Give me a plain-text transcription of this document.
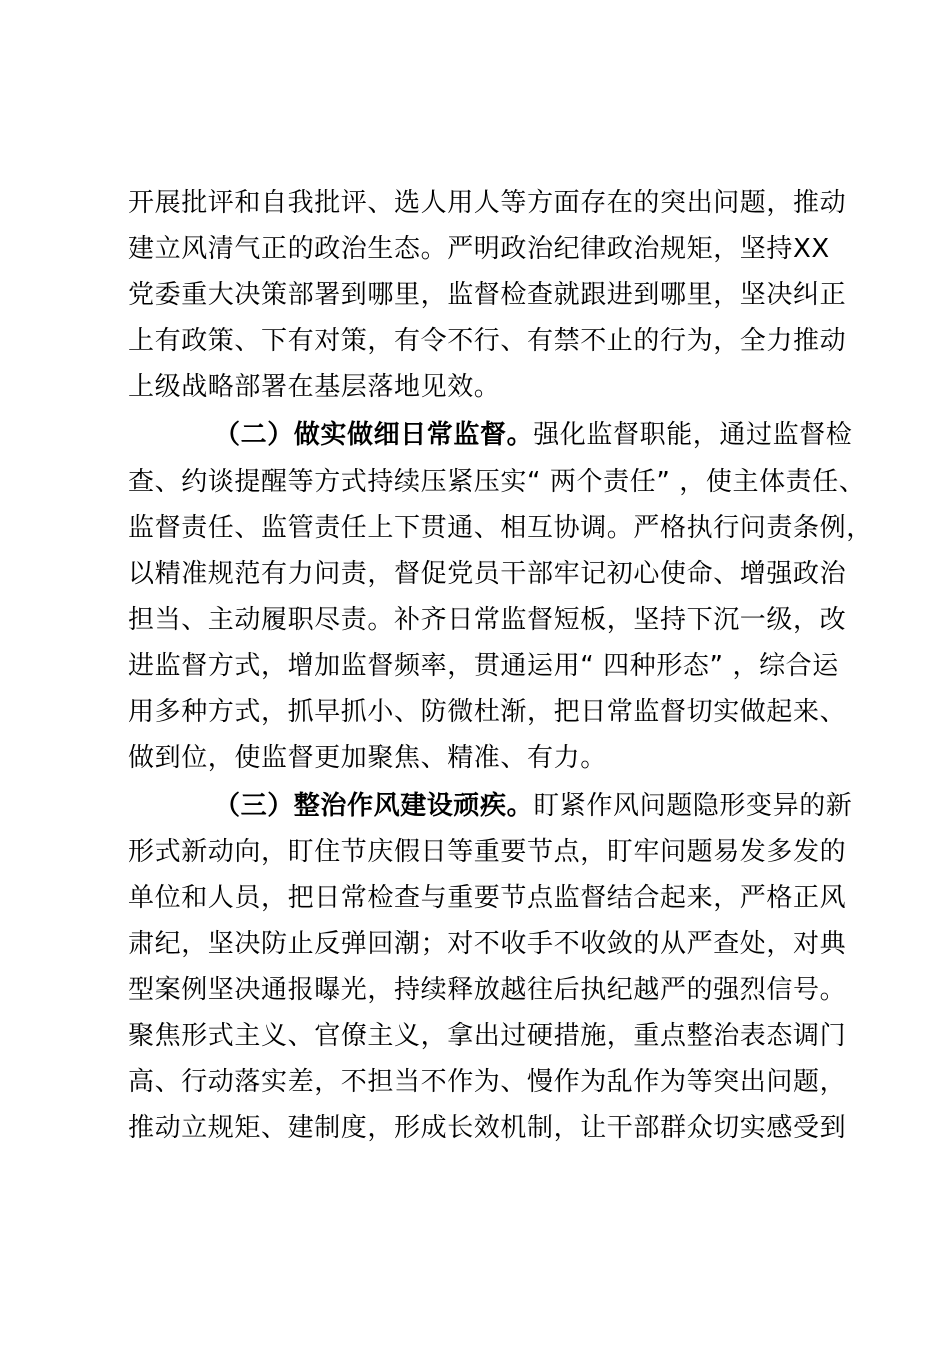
开展批评和自我批评、选人用人等方面存在的突出问题，推动
建立风清气正的政治生态。严明政治纪律政治规矩，坚持XX
党委重大决策部署到哪里，监督检查就跟进到哪里，坚决纠正
上有政策、下有对策，有令不行、有禁不止的行为，全力推动
上级战略部署在基层落地见效。
（二）做实做细日常监督。强化监督职能，通过监督检
查、约谈提醒等方式持续压紧压实“ 两个责任” ，使主体责任、
监督责任、监管责任上下贯通、相互协调。严格执行问责条例，
以精准规范有力问责，督促党员干部牢记初心使命、增强政治
担当、主动履职尽责。补齐日常监督短板，坚持下沉一级，改
进监督方式，增加监督频率，贯通运用“ 四种形态” ，综合运
用多种方式，抓早抓小、防微杜渐，把日常监督切实做起来、
做到位，使监督更加聚焦、精准、有力。
（三）整治作风建设顽疾。盯紧作风问题隐形变异的新
形式新动向，盯住节庆假日等重要节点，盯牢问题易发多发的
单位和人员，把日常检查与重要节点监督结合起来，严格正风
肃纪，坚决防止反弹回潮；对不收手不收敛的从严查处，对典
型案例坚决通报曝光，持续释放越往后执纪越严的强烈信号。
聚焦形式主义、官僚主义，拿出过硬措施，重点整治表态调门
高、行动落实差，不担当不作为、慢作为乱作为等突出问题，
推动立规矩、建制度，形成长效机制，让干部群众切实感受到
